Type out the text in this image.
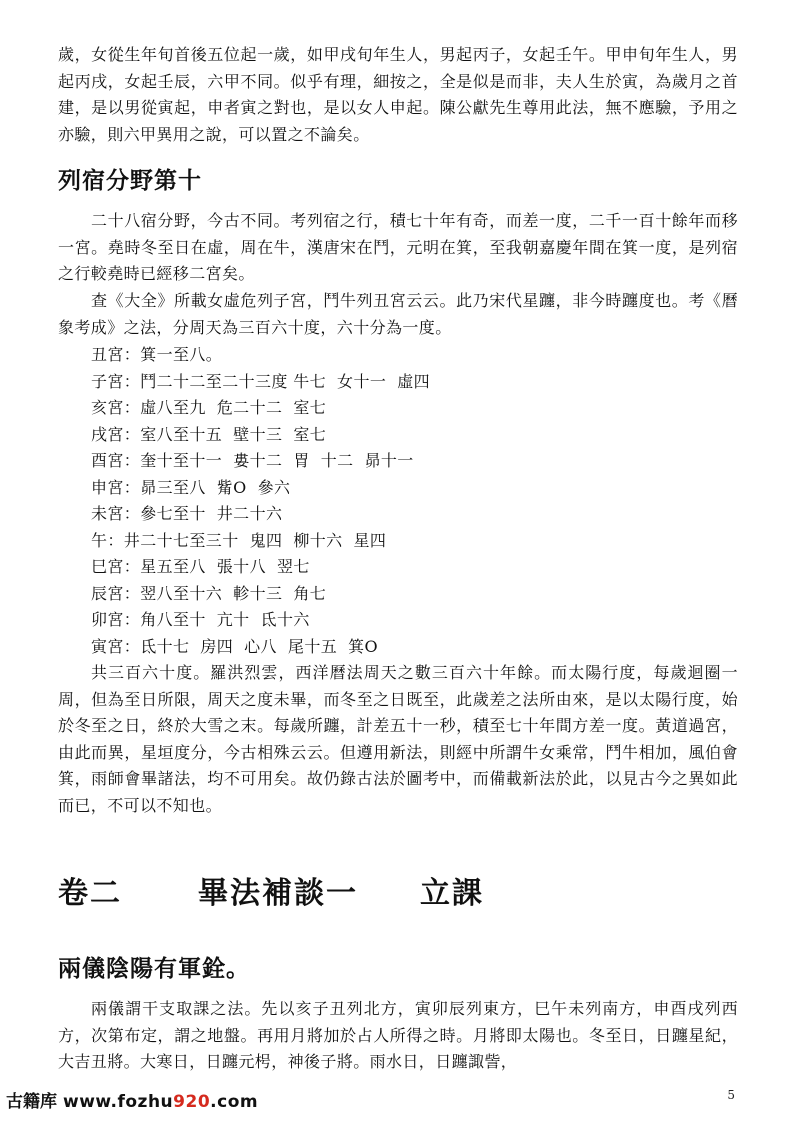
歲，女從生年旬首後五位起一歲，如甲戌旬年生人，男起丙子，女起壬午。甲申旬年生人，男起丙戌，女起壬辰，六甲不同。似乎有理，細按之，全是似是而非，夫人生於寅，為歲月之首建，是以男從寅起，申者寅之對也，是以女人申起。陳公獻先生尊用此法，無不應驗，予用之亦驗，則六甲異用之說，可以置之不論矣。

列宿分野第十

二十八宿分野，今古不同。考列宿之行，積七十年有奇，而差一度，二千一百十餘年而移一宮。堯時冬至日在虛，周在牛，漢唐宋在鬥，元明在箕，至我朝嘉慶年間在箕一度，是列宿之行較堯時已經移二宮矣。

查《大全》所載女虛危列子宮，鬥牛列丑宮云云。此乃宋代星躔，非今時躔度也。考《曆象考成》之法，分周天為三百六十度，六十分為一度。

丑宮：箕一至八。
子宮：鬥二十二至二十三度 牛七  女十一  虛四
亥宮：虛八至九  危二十二  室七
戌宮：室八至十五  壁十三  室七
酉宮：奎十至十一  婁十二  胃  十二  昴十一
申宮：昴三至八  觜O  參六
未宮：參七至十  井二十六
午：井二十七至三十  鬼四  柳十六  星四
巳宮：星五至八  張十八  翌七
辰宮：翌八至十六  軫十三  角七
卯宮：角八至十  亢十  氐十六
寅宮：氐十七  房四  心八  尾十五  箕O

共三百六十度。羅洪烈雲，西洋曆法周天之數三百六十年餘。而太陽行度，每歲迴圈一周，但為至日所限，周天之度未畢，而冬至之日既至，此歲差之法所由來，是以太陽行度，始於冬至之日，終於大雪之末。每歲所躔，計差五十一秒，積至七十年間方差一度。黃道過宮，由此而異，星垣度分，今古相殊云云。但遵用新法，則經中所謂牛女乘常，鬥牛相加，風伯會箕，雨師會畢諸法，均不可用矣。故仍錄古法於圖考中，而備載新法於此，以見古今之異如此而已，不可以不知也。

卷二	畢法補談一 立課
兩儀陰陽有軍銓。

兩儀謂干支取課之法。先以亥子丑列北方，寅卯辰列東方，巳午未列南方，申酉戌列西方，次第布定，謂之地盤。再用月將加於占人所得之時。月將即太陽也。冬至日，日躔星紀，大吉丑將。大寒日，日躔元枵，神後子將。雨水日，日躔諏訾，

古籍库 www.fozhu920.com	5
